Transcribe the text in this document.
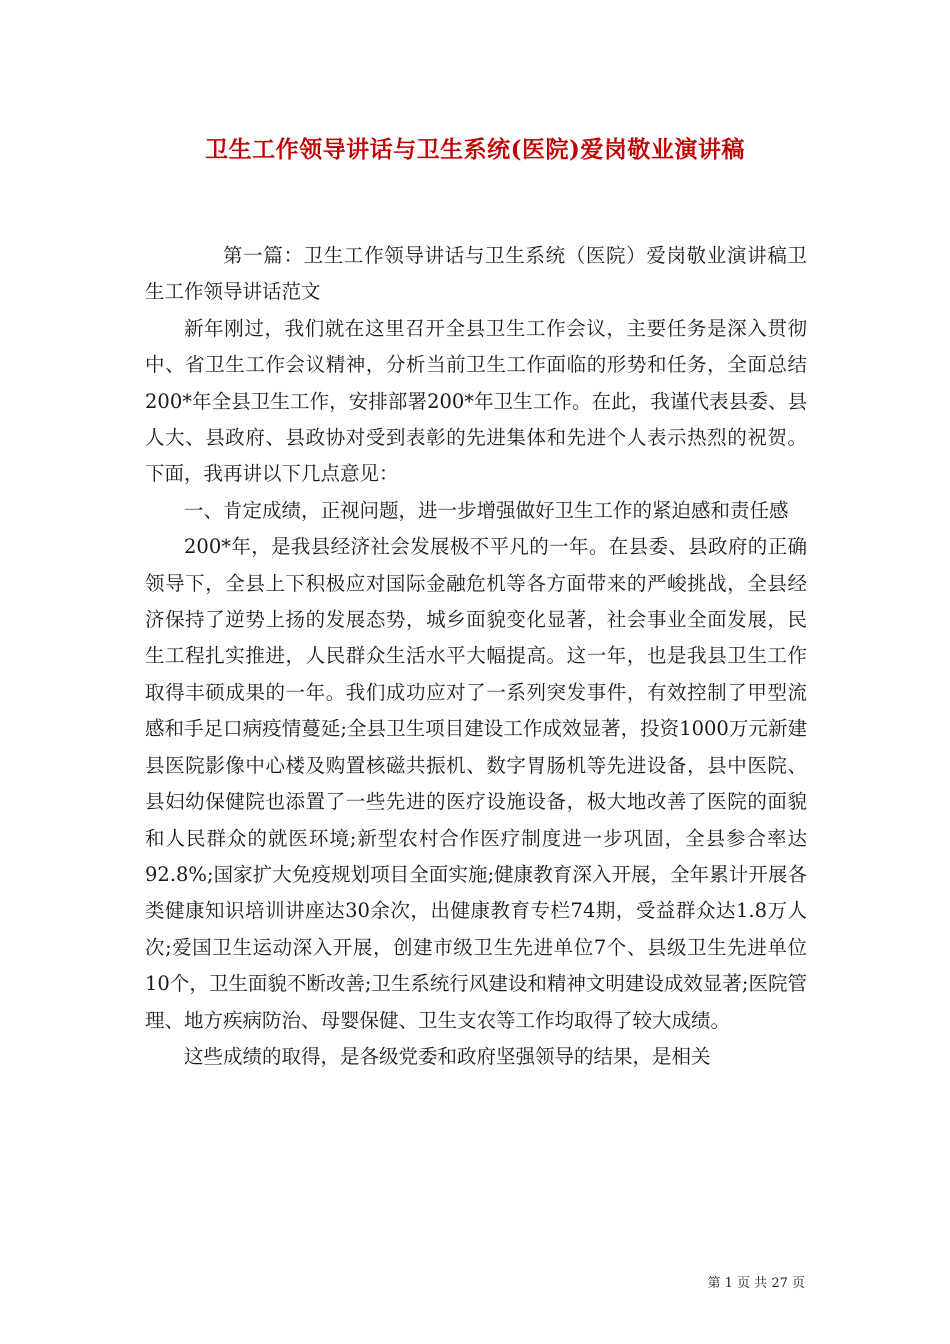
卫生工作领导讲话与卫生系统(医院)爱岗敬业演讲稿

第一篇：卫生工作领导讲话与卫生系统（医院）爱岗敬业演讲稿卫生工作领导讲话范文

新年刚过，我们就在这里召开全县卫生工作会议，主要任务是深入贯彻中、省卫生工作会议精神，分析当前卫生工作面临的形势和任务，全面总结200*年全县卫生工作，安排部署200*年卫生工作。在此，我谨代表县委、县人大、县政府、县政协对受到表彰的先进集体和先进个人表示热烈的祝贺。下面，我再讲以下几点意见：

一、肯定成绩，正视问题，进一步增强做好卫生工作的紧迫感和责任感

200*年，是我县经济社会发展极不平凡的一年。在县委、县政府的正确领导下，全县上下积极应对国际金融危机等各方面带来的严峻挑战，全县经济保持了逆势上扬的发展态势，城乡面貌变化显著，社会事业全面发展，民生工程扎实推进，人民群众生活水平大幅提高。这一年，也是我县卫生工作取得丰硕成果的一年。我们成功应对了一系列突发事件，有效控制了甲型流感和手足口病疫情蔓延;全县卫生项目建设工作成效显著，投资1000万元新建县医院影像中心楼及购置核磁共振机、数字胃肠机等先进设备，县中医院、县妇幼保健院也添置了一些先进的医疗设施设备，极大地改善了医院的面貌和人民群众的就医环境;新型农村合作医疗制度进一步巩固，全县参合率达92.8%;国家扩大免疫规划项目全面实施;健康教育深入开展，全年累计开展各类健康知识培训讲座达30余次，出健康教育专栏74期，受益群众达1.8万人次;爱国卫生运动深入开展，创建市级卫生先进单位7个、县级卫生先进单位10个，卫生面貌不断改善;卫生系统行风建设和精神文明建设成效显著;医院管理、地方疾病防治、母婴保健、卫生支农等工作均取得了较大成绩。

这些成绩的取得，是各级党委和政府坚强领导的结果，是相关

第 1 页 共 27 页
